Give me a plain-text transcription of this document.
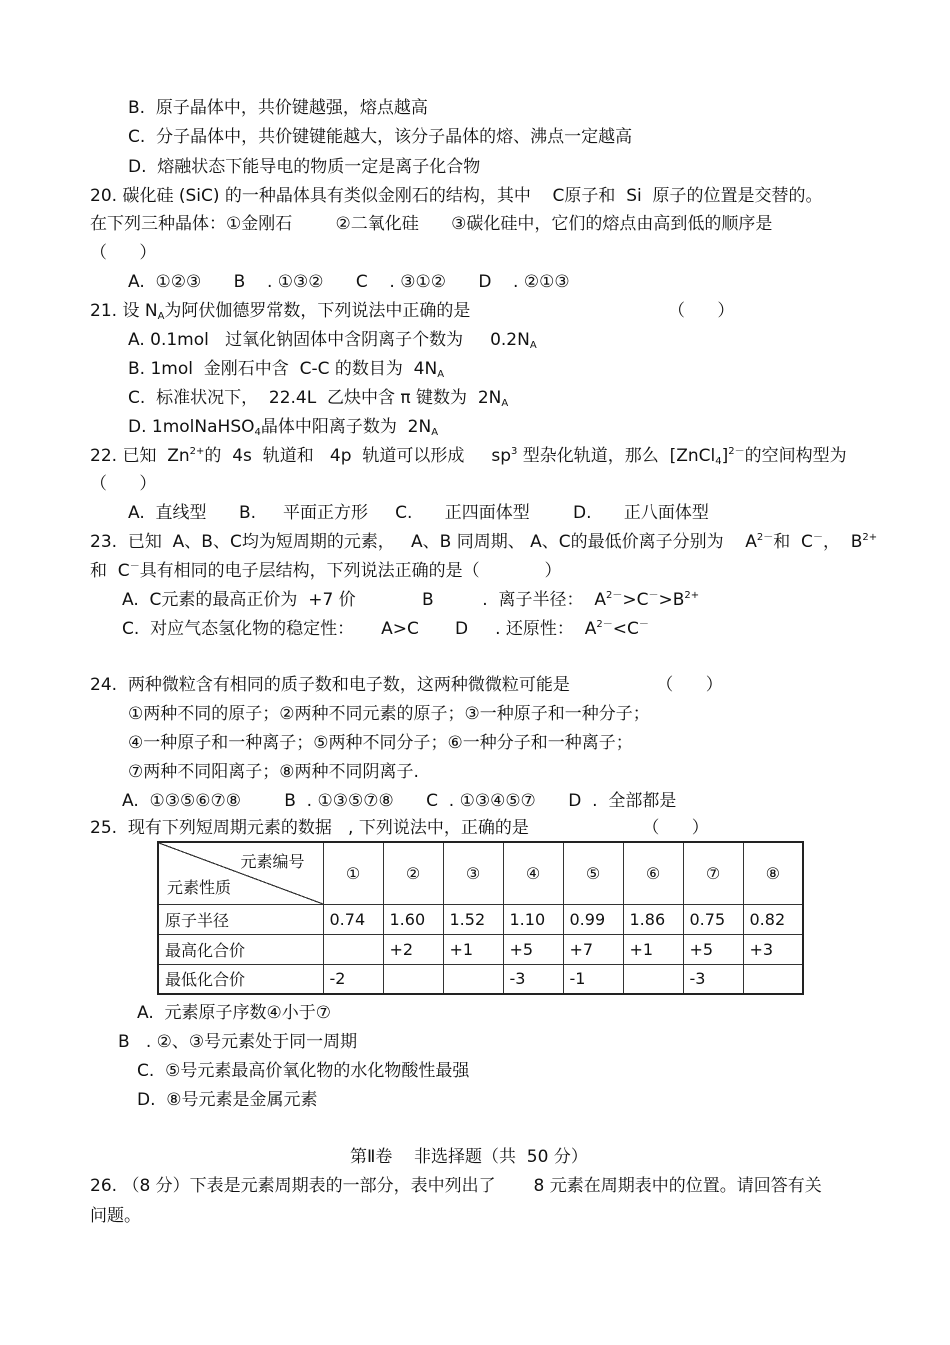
B.  原子晶体中，共价键越强，熔点越高
C.  分子晶体中，共价键键能越大，该分子晶体的熔、沸点一定越高
D.  熔融状态下能导电的物质一定是离子化合物
20. 碳化硅 (SiC) 的一种晶体具有类似金刚石的结构，其中    C原子和  Si  原子的位置是交替的。
在下列三种晶体：①金刚石        ②二氧化硅      ③碳化硅中，它们的熔点由高到低的顺序是
（      ）
A.  ①②③      B    . ①③②      C    . ③①②      D    . ②①③
21. 设 $N_A$为阿伏伽德罗常数，下列说法中正确的是	（      ）
A. 0.1mol   过氧化钠固体中含阴离子个数为     $0.2N_A$
B. 1mol  金刚石中含  C-C 的数目为  $4N_A$
C.  标准状况下，  22.4L  乙炔中含 π 键数为  $2N_A$
D. 1molNaHSO$_4$晶体中阳离子数为  $2N_A$
22. 已知  $Zn^{2+}$的  4s  轨道和   4p  轨道可以形成     $sp^3$ 型杂化轨道，那么  [ZnCl$_4$]$^{2-}$的空间构型为
（      ）
A.  直线型      B.     平面正方形     C.      正四面体型        D.      正八面体型
23.  已知  A、B、C均为短周期的元素，   A、B 同周期、 A、C的最低价离子分别为    $A^{2-}$和  C－，  $B^{2+}$
和  C－具有相同的电子层结构，下列说法正确的是（            ）
A.  C元素的最高正价为  +7 价	B         .  离子半径：  $A^{2-}>C^->B^{2+}$
C.  对应气态氢化物的稳定性：     A>C D     . 还原性：  $A^{2-}<C^-$
24.  两种微粒含有相同的质子数和电子数，这两种微微粒可能是                （      ）
①两种不同的原子；②两种不同元素的原子；③一种原子和一种分子；
④一种原子和一种离子；⑤两种不同分子；⑥一种分子和一种离子；
⑦两种不同阳离子；⑧两种不同阴离子.
A.  ①③⑤⑥⑦⑧        B  . ①③⑤⑦⑧      C  . ①③④⑤⑦      D  .  全部都是
25.  现有下列短周期元素的数据   , 下列说法中，正确的是                     （      ）
元素编号
元素性质	①	②	③	④	⑤	⑥	⑦	⑧
原子半径	0.74	1.60	1.52	1.10	0.99	1.86	0.75	0.82
最高化合价		+2	+1	+5	+7	+1	+5	+3
最低化合价	-2			-3	-1		-3	
A.  元素原子序数④小于⑦
B   . ②、③号元素处于同一周期
C.  ⑤号元素最高价氧化物的水化物酸性最强
D.  ⑧号元素是金属元素
第Ⅱ卷    非选择题（共  50 分）
26. （8 分）下表是元素周期表的一部分，表中列出了       8 元素在周期表中的位置。请回答有关
问题。
